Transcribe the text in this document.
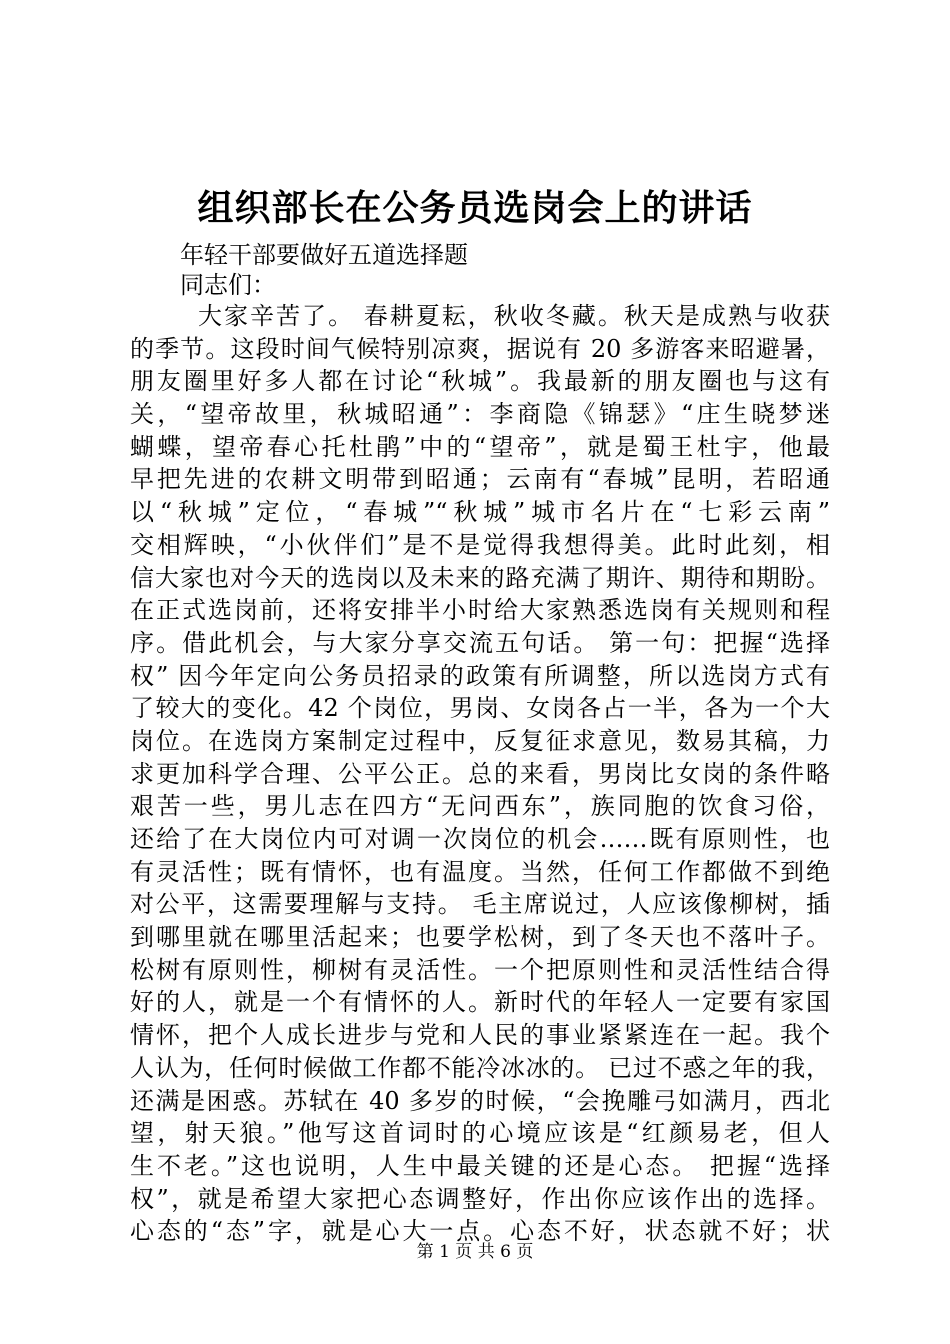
组织部长在公务员选岗会上的讲话

年轻干部要做好五道选择题

同志们：

大家辛苦了。 春耕夏耘，秋收冬藏。秋天是成熟与收获
的季节。这段时间气候特别凉爽，据说有 20 多游客来昭避暑，
朋友圈里好多人都在讨论“秋城”。我最新的朋友圈也与这有
关，“望帝故里，秋城昭通”：李商隐《锦瑟》“庄生晓梦迷
蝴蝶，望帝春心托杜鹃”中的“望帝”，就是蜀王杜宇，他最
早把先进的农耕文明带到昭通；云南有“春城”昆明，若昭通
以“秋城”定位，“春城”“秋城”城市名片在“七彩云南”
交相辉映，“小伙伴们”是不是觉得我想得美。此时此刻，相
信大家也对今天的选岗以及未来的路充满了期许、期待和期盼。
在正式选岗前，还将安排半小时给大家熟悉选岗有关规则和程
序。借此机会，与大家分享交流五句话。 第一句：把握“选择
权” 因今年定向公务员招录的政策有所调整，所以选岗方式有
了较大的变化。42 个岗位，男岗、女岗各占一半，各为一个大
岗位。在选岗方案制定过程中，反复征求意见，数易其稿，力
求更加科学合理、公平公正。总的来看，男岗比女岗的条件略
艰苦一些，男儿志在四方“无问西东”，族同胞的饮食习俗，
还给了在大岗位内可对调一次岗位的机会……既有原则性，也
有灵活性；既有情怀，也有温度。当然，任何工作都做不到绝
对公平，这需要理解与支持。 毛主席说过，人应该像柳树，插
到哪里就在哪里活起来；也要学松树，到了冬天也不落叶子。
松树有原则性，柳树有灵活性。一个把原则性和灵活性结合得
好的人，就是一个有情怀的人。新时代的年轻人一定要有家国
情怀，把个人成长进步与党和人民的事业紧紧连在一起。我个
人认为，任何时候做工作都不能冷冰冰的。 已过不惑之年的我，
还满是困惑。苏轼在 40 多岁的时候，“会挽雕弓如满月，西北
望，射天狼。”他写这首词时的心境应该是“红颜易老，但人
生不老。”这也说明，人生中最关键的还是心态。 把握“选择
权”，就是希望大家把心态调整好，作出你应该作出的选择。
心态的“态”字，就是心大一点。心态不好，状态就不好；状

第 1 页 共 6 页
